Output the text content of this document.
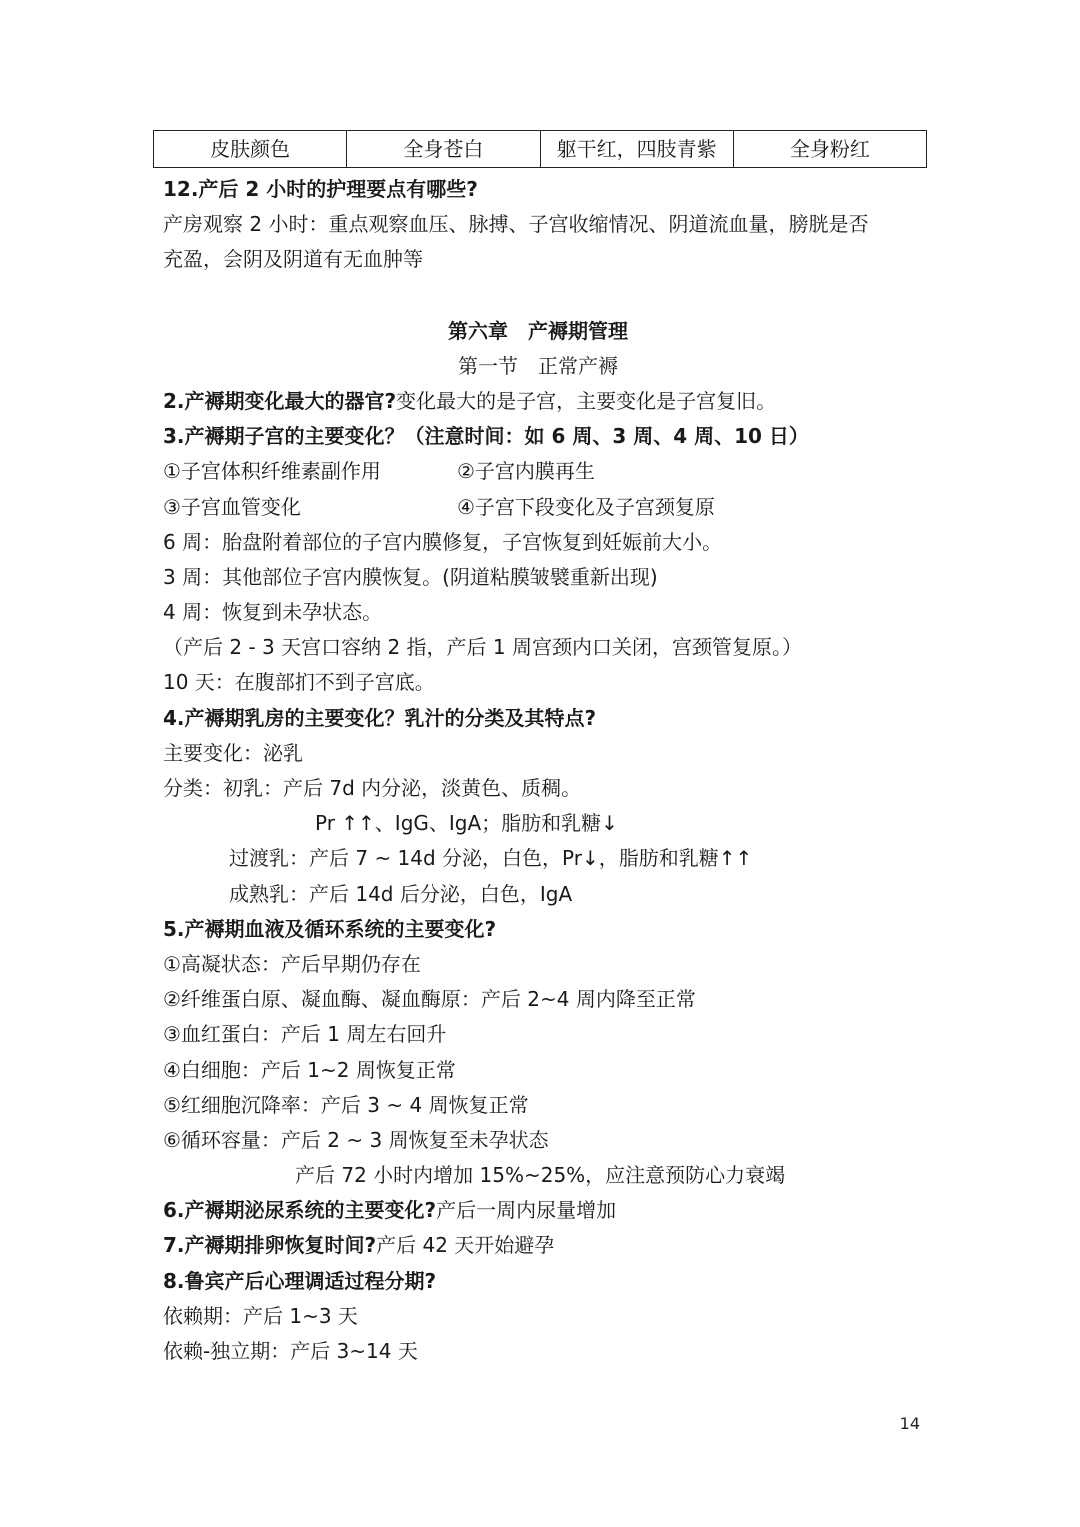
皮肤颜色	全身苍白	躯干红，四肢青紫	全身粉红
12.产后 2 小时的护理要点有哪些?
产房观察 2 小时：重点观察血压、脉搏、子宫收缩情况、阴道流血量，膀胱是否
充盈，会阴及阴道有无血肿等
第六章　产褥期管理
第一节　正常产褥
2.产褥期变化最大的器官?变化最大的是子宫，主要变化是子宫复旧。
3.产褥期子宫的主要变化？（注意时间：如 6 周、3 周、4 周、10 日）
①子宫体积纤维素副作用	②子宫内膜再生
③子宫血管变化	④子宫下段变化及子宫颈复原
6 周：胎盘附着部位的子宫内膜修复，子宫恢复到妊娠前大小。
3 周：其他部位子宫内膜恢复。(阴道粘膜皱襞重新出现)
4 周：恢复到未孕状态。
（产后 2 - 3 天宫口容纳 2 指，产后 1 周宫颈内口关闭，宫颈管复原。）
10 天：在腹部扪不到子宫底。
4.产褥期乳房的主要变化？乳汁的分类及其特点?
主要变化：泌乳
分类：初乳：产后 7d 内分泌，淡黄色、质稠。
Pr ↑↑、IgG、IgA；脂肪和乳糖↓
过渡乳：产后 7 ~ 14d 分泌，白色，Pr↓，脂肪和乳糖↑↑
成熟乳：产后 14d 后分泌，白色，IgA
5.产褥期血液及循环系统的主要变化?
①高凝状态：产后早期仍存在
②纤维蛋白原、凝血酶、凝血酶原：产后 2~4 周内降至正常
③血红蛋白：产后 1 周左右回升
④白细胞：产后 1~2 周恢复正常
⑤红细胞沉降率：产后 3 ~ 4 周恢复正常
⑥循环容量：产后 2 ~ 3 周恢复至未孕状态
产后 72 小时内增加 15%~25%，应注意预防心力衰竭
6.产褥期泌尿系统的主要变化?产后一周内尿量增加
7.产褥期排卵恢复时间?产后 42 天开始避孕
8.鲁宾产后心理调适过程分期?
依赖期：产后 1~3 天
依赖-独立期：产后 3~14 天
14
